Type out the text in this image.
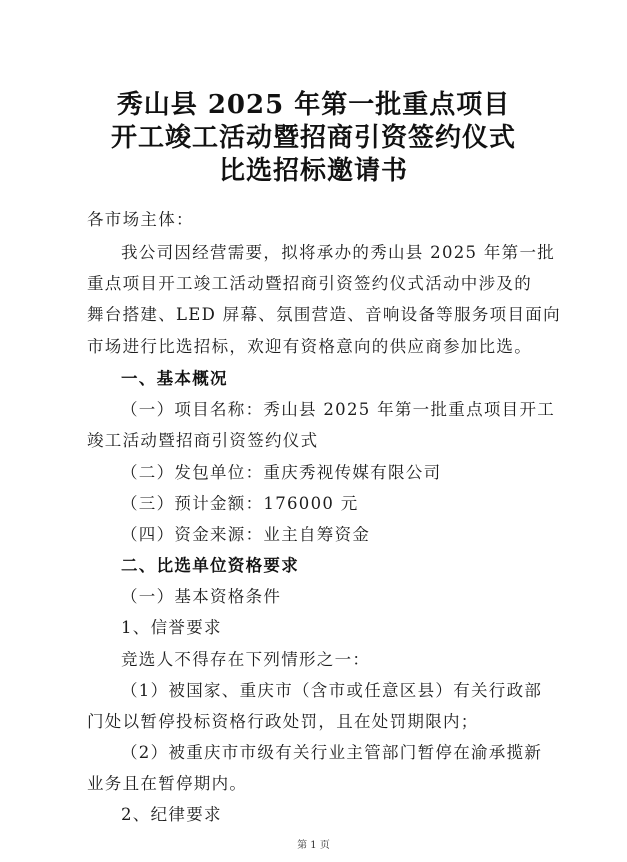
秀山县 2025 年第一批重点项目
开工竣工活动暨招商引资签约仪式
比选招标邀请书
各市场主体：
我公司因经营需要，拟将承办的秀山县 2025 年第一批
重点项目开工竣工活动暨招商引资签约仪式活动中涉及的
舞台搭建、LED 屏幕、氛围营造、音响设备等服务项目面向
市场进行比选招标，欢迎有资格意向的供应商参加比选。
一、基本概况
（一）项目名称：秀山县 2025 年第一批重点项目开工
竣工活动暨招商引资签约仪式
（二）发包单位：重庆秀视传媒有限公司
（三）预计金额：176000 元
（四）资金来源：业主自筹资金
二、比选单位资格要求
（一）基本资格条件
1、信誉要求
竞选人不得存在下列情形之一：
（1）被国家、重庆市（含市或任意区县）有关行政部
门处以暂停投标资格行政处罚，且在处罚期限内；
（2）被重庆市市级有关行业主管部门暂停在渝承揽新
业务且在暂停期内。
2、纪律要求
第 1 页
